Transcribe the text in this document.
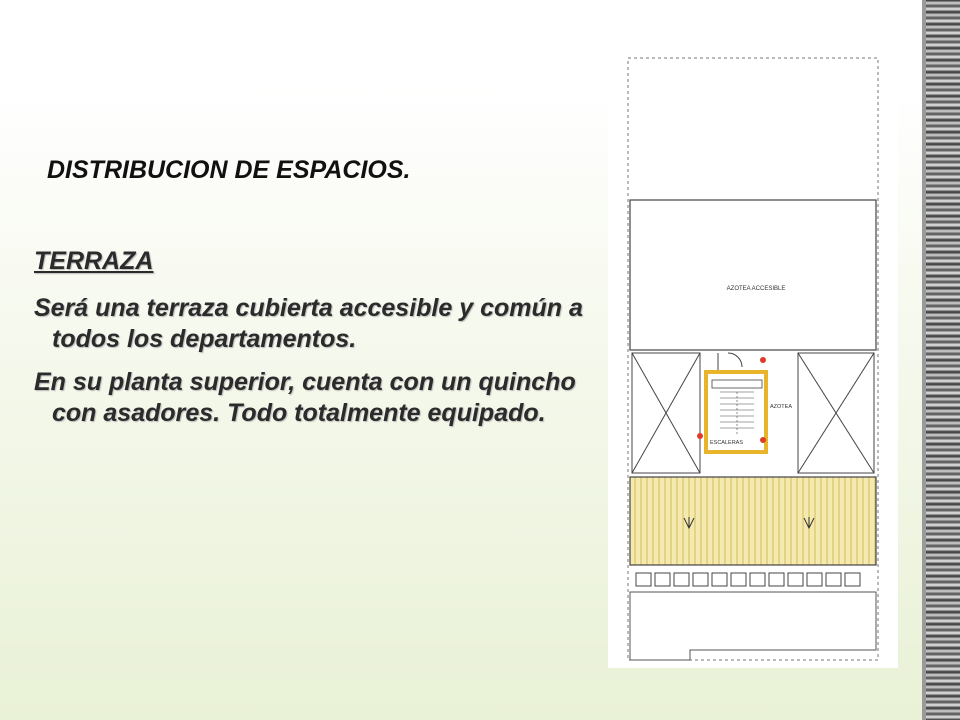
DISTRIBUCION DE ESPACIOS.
TERRAZA
Será una terraza cubierta accesible y común a todos los departamentos.
En su planta superior, cuenta con un quincho con asadores. Todo totalmente equipado.
AZOTEA ACCESIBLE
ESCALERAS
AZOTEA
